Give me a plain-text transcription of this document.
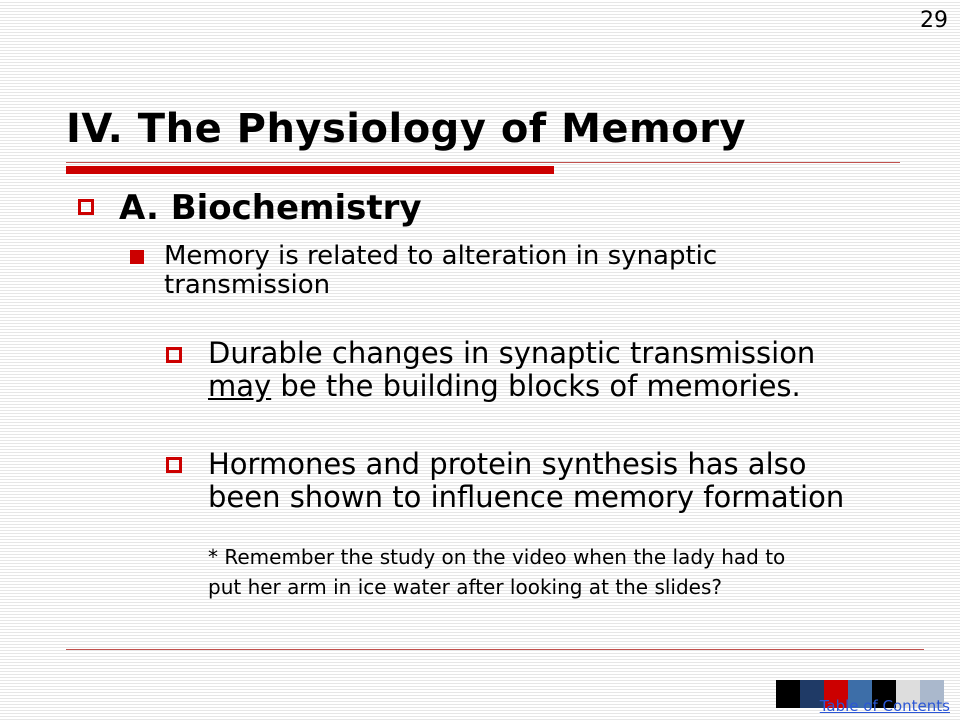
29
IV. The Physiology of Memory
A. Biochemistry
Memory is related to alteration in synaptic transmission
Durable changes in synaptic transmission
may be the building blocks of memories.
Hormones and protein synthesis has also
been shown to influence memory formation
* Remember the study on the video when the lady had to
put her arm in ice water after looking at the slides?
Table of Contents
